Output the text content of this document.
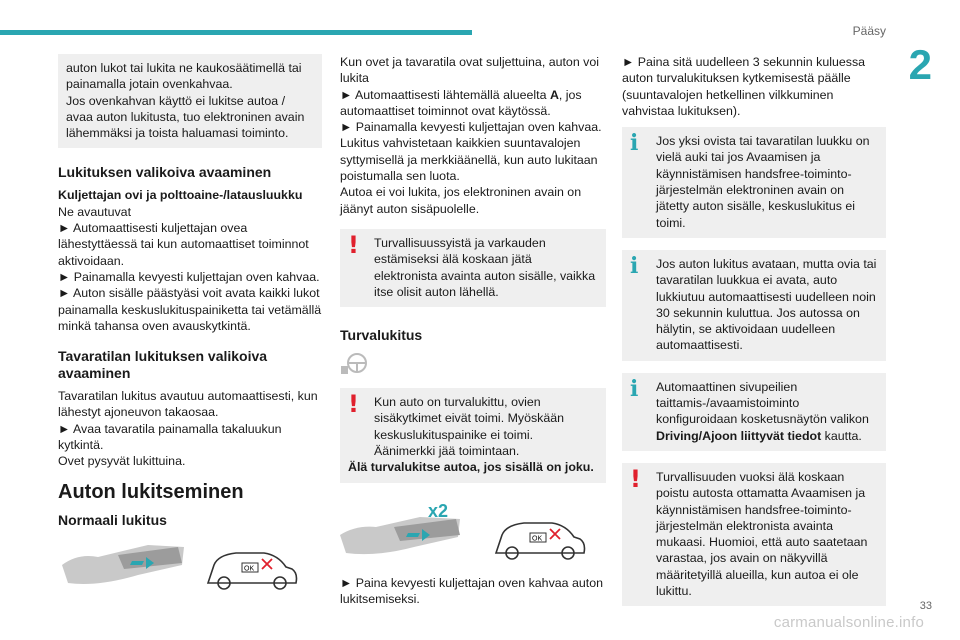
Pääsy
2

auton lukot tai lukita ne kaukosäätimellä tai painamalla jotain ovenkahvaa.
Jos ovenkahvan käyttö ei lukitse autoa / avaa auton lukitusta, tuo elektroninen avain lähemmäksi ja toista haluamasi toiminto.

Lukituksen valikoiva avaaminen

Kuljettajan ovi ja polttoaine-/latausluukku

Ne avautuvat
► Automaattisesti kuljettajan ovea lähestyttäessä tai kun automaattiset toiminnot aktivoidaan.
► Painamalla kevyesti kuljettajan oven kahvaa.
► Auton sisälle päästyäsi voit avata kaikki lukot painamalla keskuslukituspainiketta tai vetämällä minkä tahansa oven avauskytkintä.

Tavaratilan lukituksen valikoiva avaaminen

Tavaratilan lukitus avautuu automaattisesti, kun lähestyt ajoneuvon takaosaa.
► Avaa tavaratila painamalla takaluukun kytkintä.
Ovet pysyvät lukittuina.

Auton lukitseminen
Normaali lukitus
OK

Kun ovet ja tavaratila ovat suljettuina, auton voi lukita
► Automaattisesti lähtemällä alueelta A, jos automaattiset toiminnot ovat käytössä.
► Painamalla kevyesti kuljettajan oven kahvaa.
Lukitus vahvistetaan kaikkien suuntavalojen syttymisellä ja merkkiäänellä, kun auto lukitaan poistumalla sen luota.
Autoa ei voi lukita, jos elektroninen avain on jäänyt auton sisäpuolelle.

!	Turvallisuussyistä ja varkauden estämiseksi älä koskaan jätä elektronista avainta auton sisälle, vaikka itse olisit auton lähellä.

Turvalukitus
!	Kun auto on turvalukittu, ovien sisäkytkimet eivät toimi. Myöskään keskuslukituspainike ei toimi.
Äänimerkki jää toimintaan.

Älä turvalukitse autoa, jos sisällä on joku.

x2
OK

► Paina kevyesti kuljettajan oven kahvaa auton lukitsemiseksi.

► Paina sitä uudelleen 3 sekunnin kuluessa auton turvalukituksen kytkemisestä päälle (suuntavalojen hetkellinen vilkkuminen vahvistaa lukituksen).

i	Jos yksi ovista tai tavaratilan luukku on vielä auki tai jos Avaamisen ja käynnistämisen handsfree-toiminto-järjestelmän elektroninen avain on jätetty auton sisälle, keskuslukitus ei toimi.

i	Jos auton lukitus avataan, mutta ovia tai tavaratilan luukkua ei avata, auto lukkiutuu automaattisesti uudelleen noin 30 sekunnin kuluttua. Jos autossa on hälytin, se aktivoidaan uudelleen automaattisesti.

i	Automaattinen sivupeilien taittamis-/avaamistoiminto konfiguroidaan kosketusnäytön valikon Driving/Ajoon liittyvät tiedot kautta.

!	Turvallisuuden vuoksi älä koskaan poistu autosta ottamatta Avaamisen ja käynnistämisen handsfree-toiminto-järjestelmän elektronista avainta mukaasi. Huomioi, että auto saatetaan varastaa, jos avain on näkyvillä määritetyillä alueilla, kun autoa ei ole lukittu.

carmanualsonline.info
33
